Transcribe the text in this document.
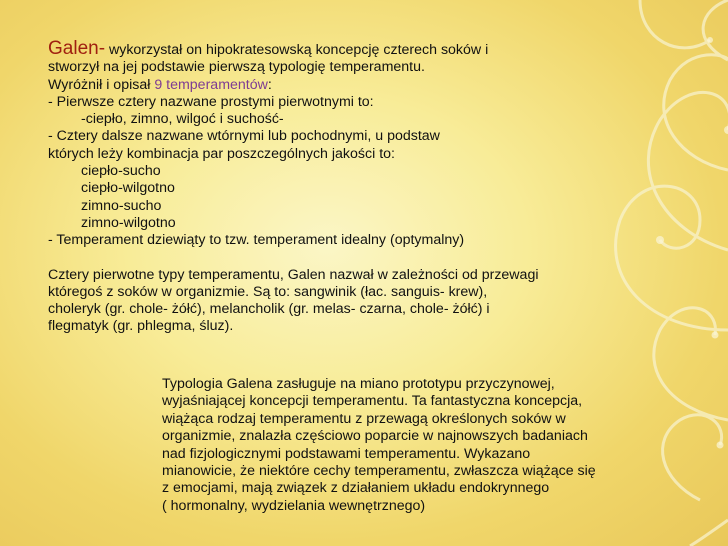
Galen- wykorzystał on hipokratesowską koncepcję czterech soków i
stworzył na jej podstawie pierwszą typologię temperamentu.
Wyróżnił i opisał 9 temperamentów:
- Pierwsze cztery nazwane prostymi pierwotnymi to:
-ciepło, zimno, wilgoć i suchość-
- Cztery dalsze nazwane wtórnymi lub pochodnymi, u podstaw
których leży kombinacja par poszczególnych jakości to:
ciepło-sucho
ciepło-wilgotno
zimno-sucho
zimno-wilgotno
- Temperament dziewiąty to tzw. temperament idealny (optymalny)
Cztery pierwotne typy temperamentu, Galen nazwał w zależności od przewagi
któregoś z soków w organizmie. Są to: sangwinik (łac. sanguis- krew),
choleryk (gr. chole- żółć), melancholik (gr. melas- czarna, chole- żółć) i
flegmatyk (gr. phlegma, śluz).
Typologia Galena zasługuje na miano prototypu przyczynowej,
wyjaśniającej koncepcji temperamentu. Ta fantastyczna koncepcja,
wiążąca rodzaj temperamentu z przewagą określonych soków w
organizmie, znalazła częściowo poparcie w najnowszych badaniach
nad fizjologicznymi podstawami temperamentu. Wykazano
mianowicie, że niektóre cechy temperamentu, zwłaszcza wiążące się
z emocjami, mają związek z działaniem układu endokrynnego
( hormonalny, wydzielania wewnętrznego)
